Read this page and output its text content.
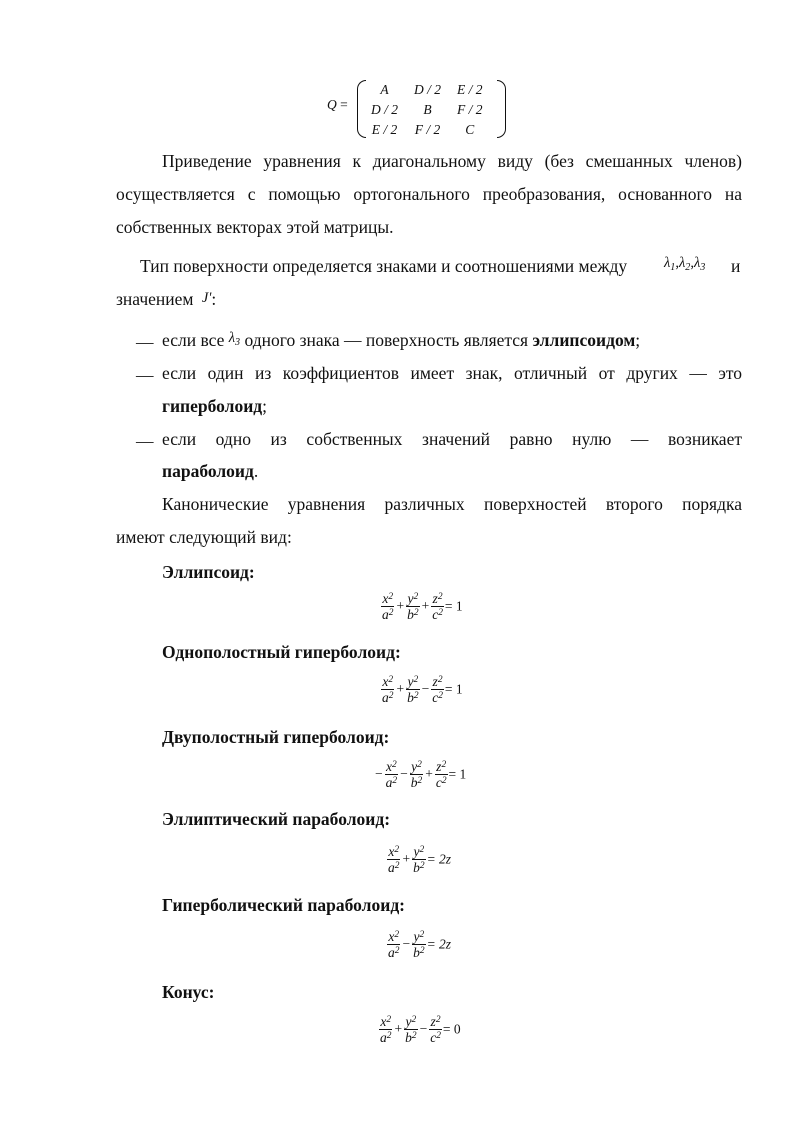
Q =
A	D / 2	E / 2
D / 2	B	F / 2
E / 2	F / 2	C
Приведение уравнения к диагональному виду (без смешанных членов)
осуществляется с помощью ортогонального преобразования, основанного на
собственных векторах этой матрицы.
Тип поверхности определяется знаками и соотношениями между	$\lambda_1,\lambda_2,\lambda_3$ и
значением J':
— если все $^{\lambda_3}$ одного знака — поверхность является эллипсоидом;
— если один из коэффициентов имеет знак, отличный от других — это
гиперболоид;
— если одно из собственных значений равно нулю — возникает
параболоид.
Канонические уравнения различных поверхностей второго порядка
имеют следующий вид:
Эллипсоид:
$\frac{x^2}{a^2} + \frac{y^2}{b^2} + \frac{z^2}{c^2} = 1$
Однополостный гиперболоид:
$\frac{x^2}{a^2} + \frac{y^2}{b^2} - \frac{z^2}{c^2} = 1$
Двуполостный гиперболоид:
− $\frac{x^2}{a^2} - \frac{y^2}{b^2} + \frac{z^2}{c^2} = 1$
Эллиптический параболоид:
$\frac{x^2}{a^2} + \frac{y^2}{b^2} = 2z$
Гиперболический параболоид:
$\frac{x^2}{a^2} - \frac{y^2}{b^2} = 2z$
Конус:
$\frac{x^2}{a^2} + \frac{y^2}{b^2} - \frac{z^2}{c^2} = 0$
